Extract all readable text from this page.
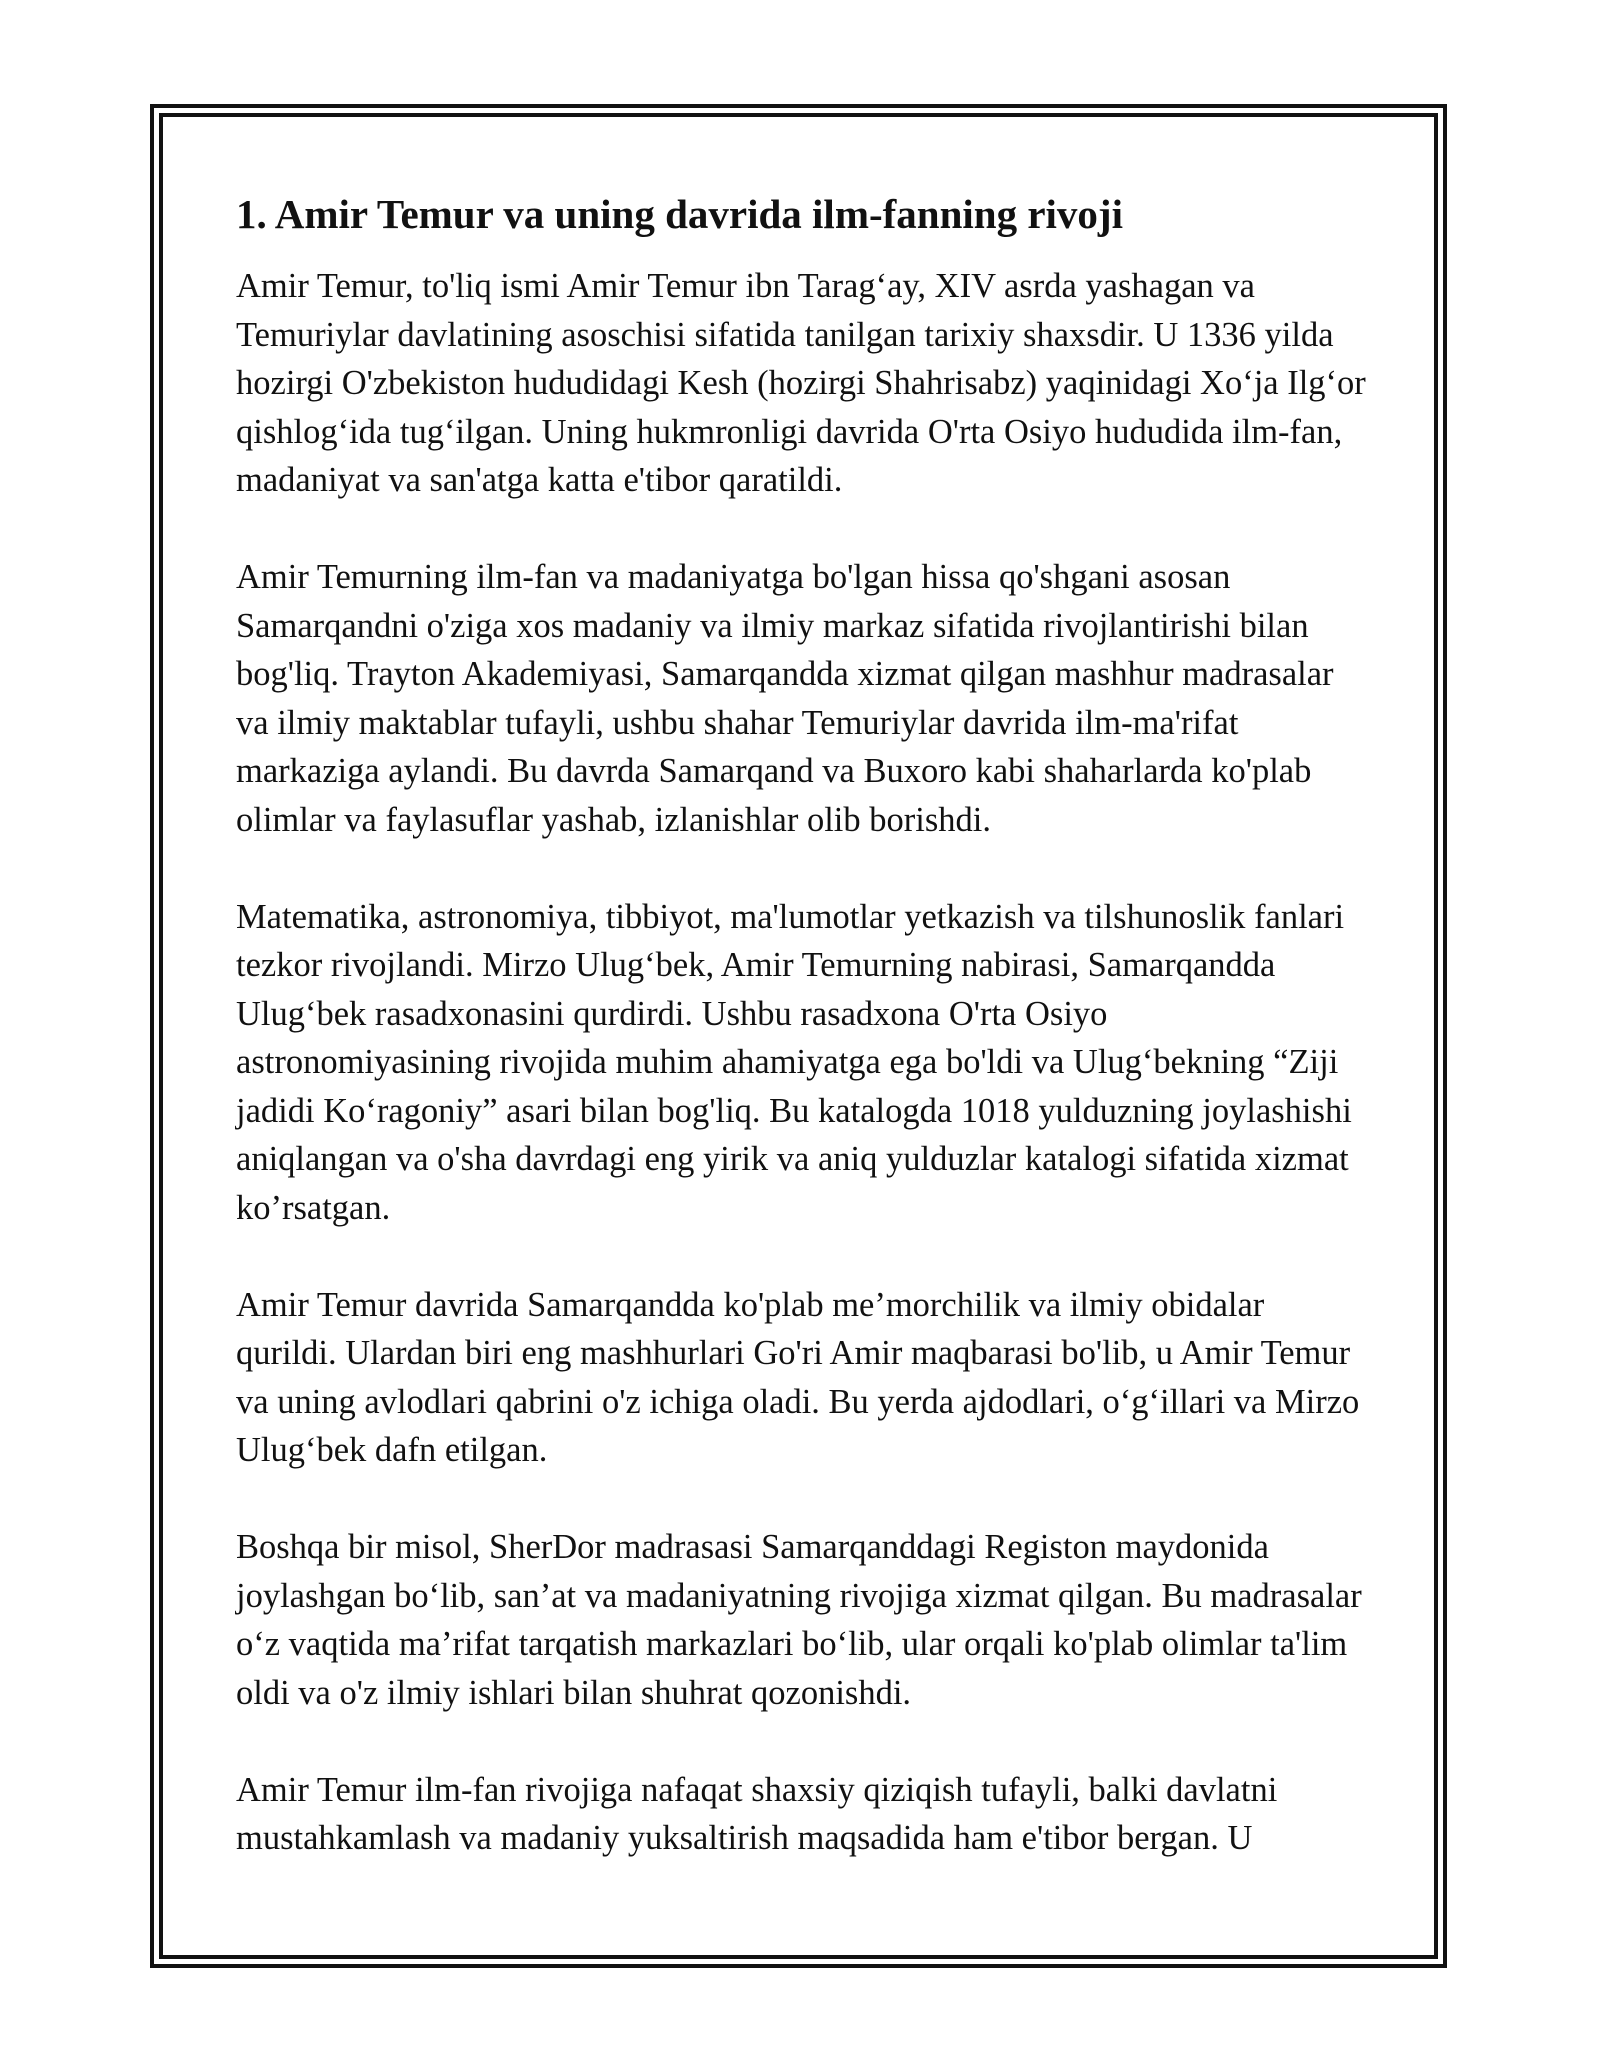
1. Amir Temur va uning davrida ilm-fanning rivoji

Amir Temur, to'liq ismi Amir Temur ibn Tarag‘ay, XIV asrda yashagan va Temuriylar davlatining asoschisi sifatida tanilgan tarixiy shaxsdir. U 1336 yilda hozirgi O'zbekiston hududidagi Kesh (hozirgi Shahrisabz) yaqinidagi Xo‘ja Ilg‘or qishlog‘ida tug‘ilgan. Uning hukmronligi davrida O'rta Osiyo hududida ilm-fan, madaniyat va san'atga katta e'tibor qaratildi.

Amir Temurning ilm-fan va madaniyatga bo'lgan hissa qo'shgani asosan Samarqandni o'ziga xos madaniy va ilmiy markaz sifatida rivojlantirishi bilan bog'liq. Trayton Akademiyasi, Samarqandda xizmat qilgan mashhur madrasalar va ilmiy maktablar tufayli, ushbu shahar Temuriylar davrida ilm-ma'rifat markaziga aylandi. Bu davrda Samarqand va Buxoro kabi shaharlarda ko'plab olimlar va faylasuflar yashab, izlanishlar olib borishdi.

Matematika, astronomiya, tibbiyot, ma'lumotlar yetkazish va tilshunoslik fanlari tezkor rivojlandi. Mirzo Ulug‘bek, Amir Temurning nabirasi, Samarqandda Ulug‘bek rasadxonasini qurdirdi. Ushbu rasadxona O'rta Osiyo astronomiyasining rivojida muhim ahamiyatga ega bo'ldi va Ulug‘bekning “Ziji jadidi Ko‘ragoniy” asari bilan bog'liq. Bu katalogda 1018 yulduzning joylashishi aniqlangan va o'sha davrdagi eng yirik va aniq yulduzlar katalogi sifatida xizmat ko’rsatgan.

Amir Temur davrida Samarqandda ko'plab me’morchilik va ilmiy obidalar qurildi. Ulardan biri eng mashhurlari Go'ri Amir maqbarasi bo'lib, u Amir Temur va uning avlodlari qabrini o'z ichiga oladi. Bu yerda ajdodlari, o‘g‘illari va Mirzo Ulug‘bek dafn etilgan.

Boshqa bir misol, SherDor madrasasi Samarqanddagi Registon maydonida joylashgan bo‘lib, san’at va madaniyatning rivojiga xizmat qilgan. Bu madrasalar o‘z vaqtida ma’rifat tarqatish markazlari bo‘lib, ular orqali ko'plab olimlar ta'lim oldi va o'z ilmiy ishlari bilan shuhrat qozonishdi.

Amir Temur ilm-fan rivojiga nafaqat shaxsiy qiziqish tufayli, balki davlatni mustahkamlash va madaniy yuksaltirish maqsadida ham e'tibor bergan. U
